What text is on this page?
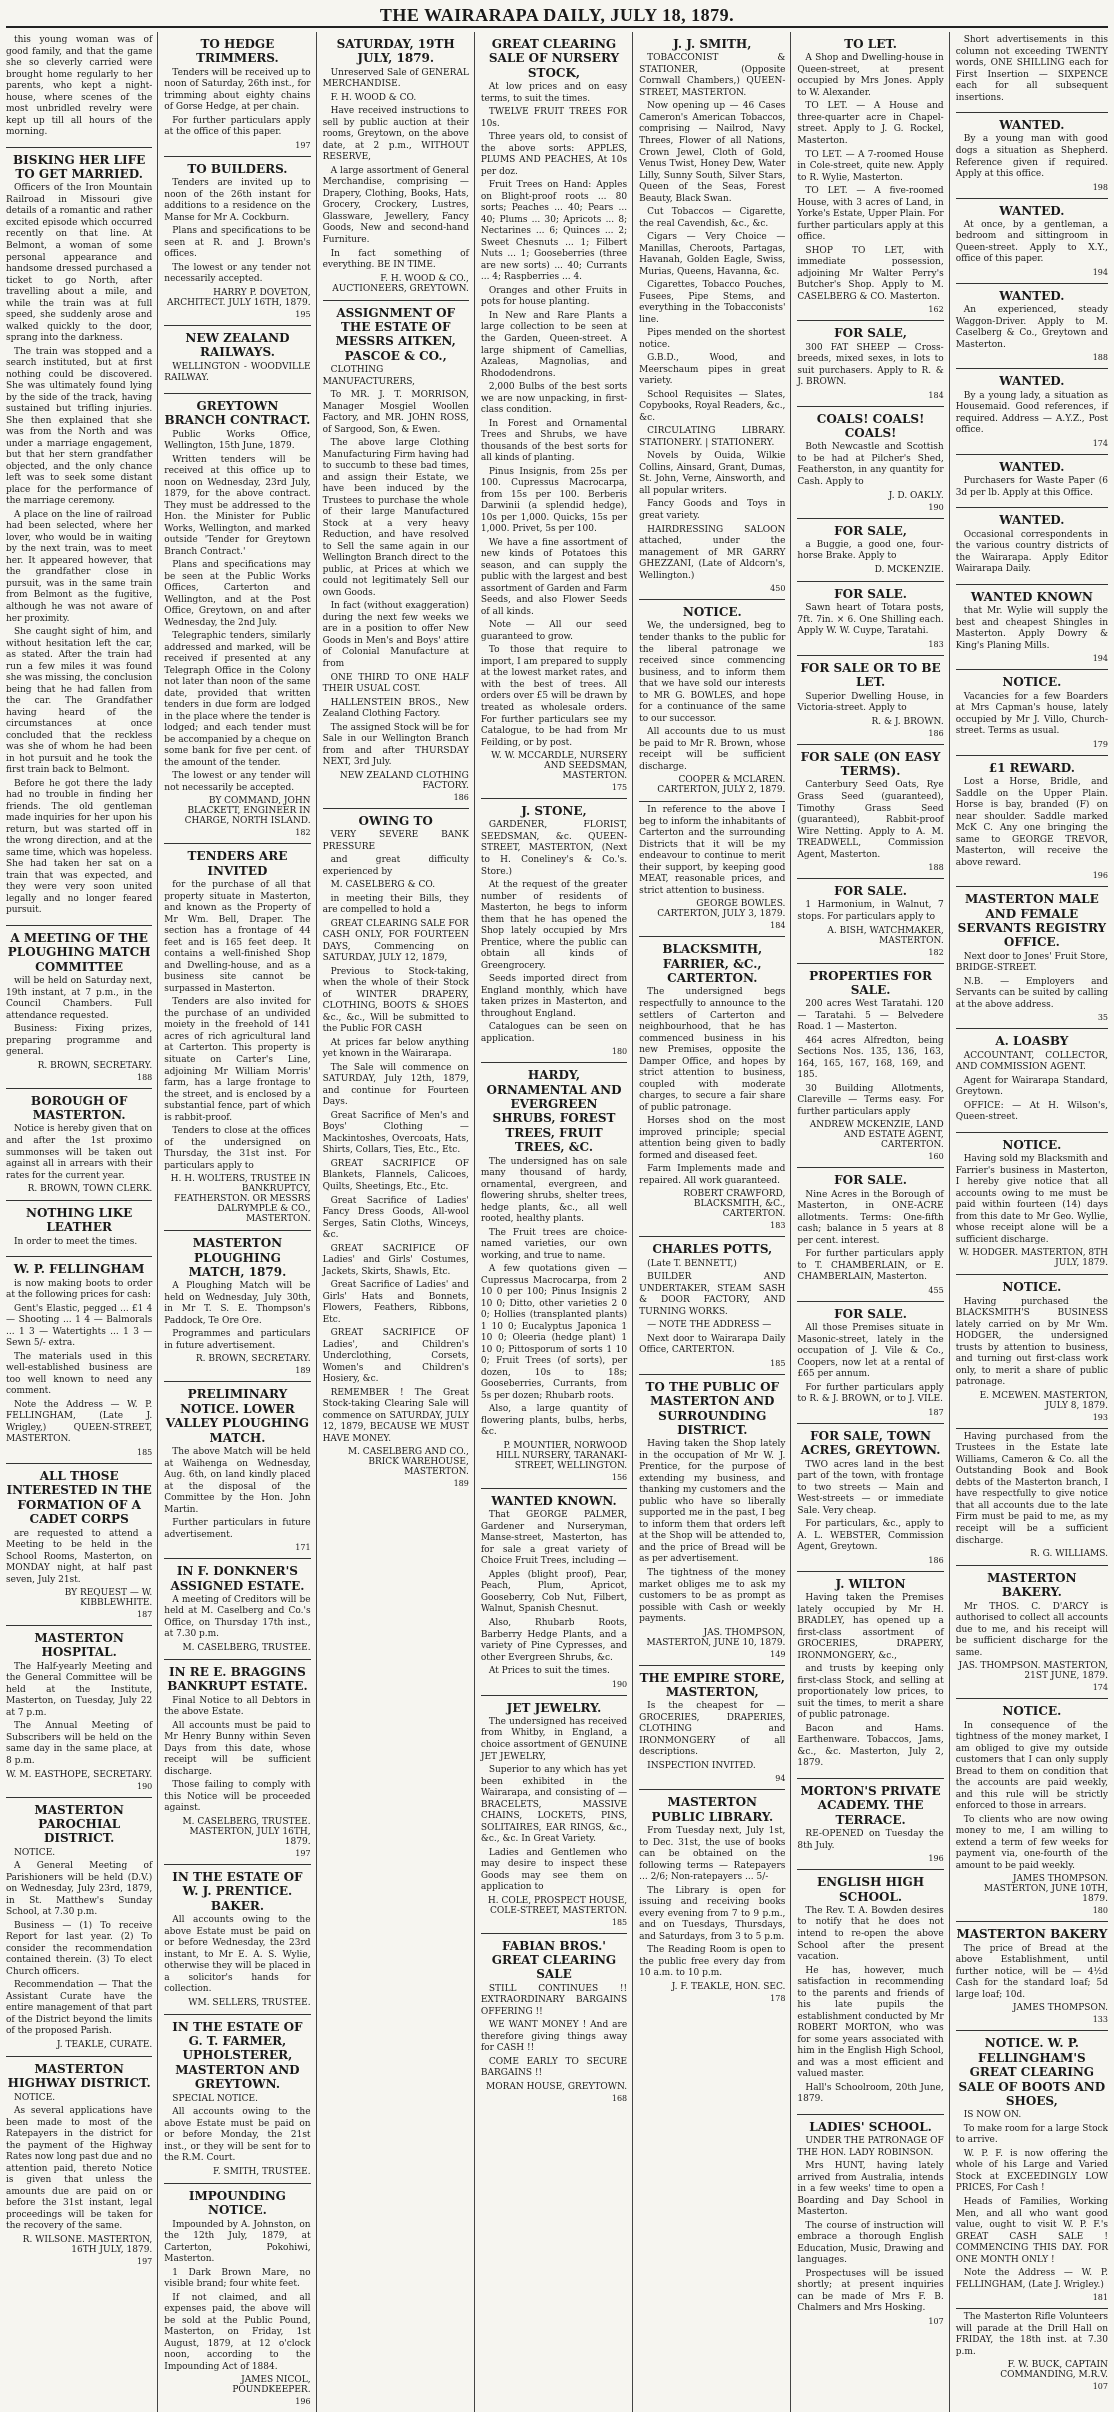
THE WAIRARAPA DAILY, JULY 18, 1879.

this young woman was of good family, and that the game she so cleverly carried were brought home regularly to her parents, who kept a night-house, where scenes of the most unbridled revelry were kept up till all hours of the morning.

BISKING HER LIFE TO GET MARRIED.

Officers of the Iron Mountain Railroad in Missouri give details of a romantic and rather excited episode which occurred recently on that line. At Belmont, a woman of some personal appearance and handsome dressed purchased a ticket to go North, after travelling about a mile, and while the train was at full speed, she suddenly arose and walked quickly to the door, sprang into the darkness.

The train was stopped and a search instituted, but at first nothing could be discovered. She was ultimately found lying by the side of the track, having sustained but trifling injuries. She then explained that she was from the North and was under a marriage engagement, but that her stern grandfather objected, and the only chance left was to seek some distant place for the performance of the marriage ceremony.

A place on the line of railroad had been selected, where her lover, who would be in waiting by the next train, was to meet her. It appeared however, that the grandfather close in pursuit, was in the same train from Belmont as the fugitive, although he was not aware of her proximity.

She caught sight of him, and without hesitation left the car, as stated. After the train had run a few miles it was found she was missing, the conclusion being that he had fallen from the car. The Grandfather having heard of the circumstances at once concluded that the reckless was she of whom he had been in hot pursuit and he took the first train back to Belmont.

Before he got there the lady had no trouble in finding her friends. The old gentleman made inquiries for her upon his return, but was started off in the wrong direction, and at the same time, which was hopeless. She had taken her sat on a train that was expected, and they were very soon united legally and no longer feared pursuit.

A MEETING OF THE PLOUGHING MATCH COMMITTEE

will be held on Saturday next, 19th instant, at 7 p.m., in the Council Chambers. Full attendance requested.

Business: Fixing prizes, preparing programme and general.

R. BROWN, SECRETARY.
188
BOROUGH OF MASTERTON.

Notice is hereby given that on and after the 1st proximo summonses will be taken out against all in arrears with their rates for the current year.

R. BROWN, TOWN CLERK.
NOTHING LIKE LEATHER

In order to meet the times.

W. P. FELLINGHAM

is now making boots to order at the following prices for cash:

Gent's Elastic, pegged ... £1 4 — Shooting ... 1 4 — Balmorals ... 1 3 — Watertights ... 1 3 — Sewn 5/- extra.

The materials used in this well-established business are too well known to need any comment.

Note the Address — W. P. FELLINGHAM, (Late J. Wrigley,) QUEEN-STREET, MASTERTON.

185
ALL THOSE INTERESTED IN THE FORMATION OF A CADET CORPS

are requested to attend a Meeting to be held in the School Rooms, Masterton, on MONDAY night, at half past seven, July 21st.

BY REQUEST — W. KIBBLEWHITE.
187
MASTERTON HOSPITAL.

The Half-yearly Meeting and the General Committee will be held at the Institute, Masterton, on Tuesday, July 22 at 7 p.m.

The Annual Meeting of Subscribers will be held on the same day in the same place, at 8 p.m.

W. M. EASTHOPE, SECRETARY.
190
MASTERTON PAROCHIAL DISTRICT.

NOTICE.

A General Meeting of Parishioners will be held (D.V.) on Wednesday, July 23rd, 1879, in St. Matthew's Sunday School, at 7.30 p.m.

Business — (1) To receive Report for last year. (2) To consider the recommendation contained therein. (3) To elect Church officers.

Recommendation — That the Assistant Curate have the entire management of that part of the District beyond the limits of the proposed Parish.

J. TEAKLE, CURATE.
MASTERTON HIGHWAY DISTRICT.

NOTICE.

As several applications have been made to most of the Ratepayers in the district for the payment of the Highway Rates now long past due and no attention paid, thereto Notice is given that unless the amounts due are paid on or before the 31st instant, legal proceedings will be taken for the recovery of the same.

R. WILSONE. MASTERTON, 16TH JULY, 1879.
197
TO HEDGE TRIMMERS.

Tenders will be received up to noon of Saturday, 26th inst., for trimming about eighty chains of Gorse Hedge, at per chain.

For further particulars apply at the office of this paper.

197
TO BUILDERS.

Tenders are invited up to noon of the 26th instant for additions to a residence on the Manse for Mr A. Cockburn.

Plans and specifications to be seen at R. and J. Brown's offices.

The lowest or any tender not necessarily accepted.

HARRY P. DOVETON, ARCHITECT. JULY 16TH, 1879.
195
NEW ZEALAND RAILWAYS.

WELLINGTON - WOODVILLE RAILWAY.

GREYTOWN BRANCH CONTRACT.

Public Works Office, Wellington, 15th June, 1879.

Written tenders will be received at this office up to noon on Wednesday, 23rd July, 1879, for the above contract. They must be addressed to the Hon. the Minister for Public Works, Wellington, and marked outside 'Tender for Greytown Branch Contract.'

Plans and specifications may be seen at the Public Works Offices, Carterton and Wellington, and at the Post Office, Greytown, on and after Wednesday, the 2nd July.

Telegraphic tenders, similarly addressed and marked, will be received if presented at any Telegraph Office in the Colony not later than noon of the same date, provided that written tenders in due form are lodged in the place where the tender is lodged; and each tender must be accompanied by a cheque on some bank for five per cent. of the amount of the tender.

The lowest or any tender will not necessarily be accepted.

BY COMMAND, JOHN BLACKETT, ENGINEER IN CHARGE, NORTH ISLAND.
182
TENDERS ARE INVITED

for the purchase of all that property situate in Masterton, and known as the Property of Mr Wm. Bell, Draper. The section has a frontage of 44 feet and is 165 feet deep. It contains a well-finished Shop and Dwelling-house, and as a business site cannot be surpassed in Masterton.

Tenders are also invited for the purchase of an undivided moiety in the freehold of 141 acres of rich agricultural land at Carterton. This property is situate on Carter's Line, adjoining Mr William Morris' farm, has a large frontage to the street, and is enclosed by a substantial fence, part of which is rabbit-proof.

Tenders to close at the offices of the undersigned on Thursday, the 31st inst. For particulars apply to

H. H. WOLTERS, TRUSTEE IN BANKRUPTCY, FEATHERSTON. OR MESSRS DALRYMPLE & CO., MASTERTON.
MASTERTON PLOUGHING MATCH, 1879.

A Ploughing Match will be held on Wednesday, July 30th, in Mr T. S. E. Thompson's Paddock, Te Ore Ore.

Programmes and particulars in future advertisement.

R. BROWN, SECRETARY.
189
PRELIMINARY NOTICE. LOWER VALLEY PLOUGHING MATCH.

The above Match will be held at Waihenga on Wednesday, Aug. 6th, on land kindly placed at the disposal of the Committee by the Hon. John Martin.

Further particulars in future advertisement.

171
IN F. DONKNER'S ASSIGNED ESTATE.

A meeting of Creditors will be held at M. Caselberg and Co.'s Office, on Thursday 17th inst., at 7.30 p.m.

M. CASELBERG, TRUSTEE.
IN RE E. BRAGGINS BANKRUPT ESTATE.

Final Notice to all Debtors in the above Estate.

All accounts must be paid to Mr Henry Bunny within Seven Days from this date, whose receipt will be sufficient discharge.

Those failing to comply with this Notice will be proceeded against.

M. CASELBERG, TRUSTEE. MASTERTON, JULY 16TH, 1879.
197
IN THE ESTATE OF W. J. PRENTICE. BAKER.

All accounts owing to the above Estate must be paid on or before Wednesday, the 23rd instant, to Mr E. A. S. Wylie, otherwise they will be placed in a solicitor's hands for collection.

WM. SELLERS, TRUSTEE.
IN THE ESTATE OF G. T. FARMER, UPHOLSTERER, MASTERTON AND GREYTOWN.

SPECIAL NOTICE.

All accounts owing to the above Estate must be paid on or before Monday, the 21st inst., or they will be sent for to the R.M. Court.

F. SMITH, TRUSTEE.
IMPOUNDING NOTICE.

Impounded by A. Johnston, on the 12th July, 1879, at Carterton, Pokohiwi, Masterton.

1 Dark Brown Mare, no visible brand; four white feet.

If not claimed, and all expenses paid, the above will be sold at the Public Pound, Masterton, on Friday, 1st August, 1879, at 12 o'clock noon, according to the Impounding Act of 1884.

JAMES NICOL, POUNDKEEPER.
196
SATURDAY, 19TH JULY, 1879.

Unreserved Sale of GENERAL MERCHANDISE.

F. H. WOOD & CO.

Have received instructions to sell by public auction at their rooms, Greytown, on the above date, at 2 p.m., WITHOUT RESERVE,

A large assortment of General Merchandise, comprising — Drapery, Clothing, Books, Hats, Grocery, Crockery, Lustres, Glassware, Jewellery, Fancy Goods, New and second-hand Furniture.

In fact something of everything. BE IN TIME.

F. H. WOOD & CO., AUCTIONEERS, GREYTOWN.
ASSIGNMENT OF THE ESTATE OF MESSRS AITKEN, PASCOE & CO.,

CLOTHING MANUFACTURERS,

To MR. J. T. MORRISON, Manager Mosgiel Woollen Factory, and MR. JOHN ROSS, of Sargood, Son, & Ewen.

The above large Clothing Manufacturing Firm having had to succumb to these bad times, and assign their Estate, we have been induced by the Trustees to purchase the whole of their large Manufactured Stock at a very heavy Reduction, and have resolved to Sell the same again in our Wellington Branch direct to the public, at Prices at which we could not legitimately Sell our own Goods.

In fact (without exaggeration) during the next few weeks we are in a position to offer New Goods in Men's and Boys' attire of Colonial Manufacture at from

ONE THIRD TO ONE HALF THEIR USUAL COST.

HALLENSTEIN BROS., New Zealand Clothing Factory.

The assigned Stock will be for Sale in our Wellington Branch from and after THURSDAY NEXT, 3rd July.

NEW ZEALAND CLOTHING FACTORY.
186
OWING TO

VERY SEVERE BANK PRESSURE

and great difficulty experienced by

M. CASELBERG & CO.

in meeting their Bills, they are compelled to hold a

GREAT CLEARING SALE FOR CASH ONLY, FOR FOURTEEN DAYS, Commencing on SATURDAY, JULY 12, 1879,

Previous to Stock-taking, when the whole of their Stock of WINTER DRAPERY, CLOTHING, BOOTS & SHOES &c., &c., Will be submitted to the Public FOR CASH

At prices far below anything yet known in the Wairarapa.

The Sale will commence on SATURDAY, July 12th, 1879, and continue for Fourteen Days.

Great Sacrifice of Men's and Boys' Clothing — Mackintoshes, Overcoats, Hats, Shirts, Collars, Ties, Etc., Etc.

GREAT SACRIFICE OF Blankets, Flannels, Calicoes, Quilts, Sheetings, Etc., Etc.

Great Sacrifice of Ladies' Fancy Dress Goods, All-wool Serges, Satin Cloths, Winceys, &c.

GREAT SACRIFICE OF Ladies' and Girls' Costumes, Jackets, Skirts, Shawls, Etc.

Great Sacrifice of Ladies' and Girls' Hats and Bonnets, Flowers, Feathers, Ribbons, Etc.

GREAT SACRIFICE OF Ladies', and Children's Underclothing, Corsets, Women's and Children's Hosiery, &c.

REMEMBER ! The Great Stock-taking Clearing Sale will commence on SATURDAY, JULY 12, 1879, BECAUSE WE MUST HAVE MONEY.

M. CASELBERG AND CO., BRICK WAREHOUSE, MASTERTON.
189
GREAT CLEARING SALE OF NURSERY STOCK,

At low prices and on easy terms, to suit the times.

TWELVE FRUIT TREES FOR 10s.

Three years old, to consist of the above sorts: APPLES, PLUMS AND PEACHES, At 10s per doz.

Fruit Trees on Hand: Apples on Blight-proof roots ... 80 sorts; Peaches ... 40; Pears ... 40; Plums ... 30; Apricots ... 8; Nectarines ... 6; Quinces ... 2; Sweet Chesnuts ... 1; Filbert Nuts ... 1; Gooseberries (three are new sorts) ... 40; Currants ... 4; Raspberries ... 4.

Oranges and other Fruits in pots for house planting.

In New and Rare Plants a large collection to be seen at the Garden, Queen-street. A large shipment of Camellias, Azaleas, Magnolias, and Rhododendrons.

2,000 Bulbs of the best sorts we are now unpacking, in first-class condition.

In Forest and Ornamental Trees and Shrubs, we have thousands of the best sorts for all kinds of planting.

Pinus Insignis, from 25s per 100. Cupressus Macrocarpa, from 15s per 100. Berberis Darwinii (a splendid hedge), 10s per 1,000. Quicks, 15s per 1,000. Privet, 5s per 100.

We have a fine assortment of new kinds of Potatoes this season, and can supply the public with the largest and best assortment of Garden and Farm Seeds, and also Flower Seeds of all kinds.

Note — All our seed guaranteed to grow.

To those that require to import, I am prepared to supply at the lowest market rates, and with the best of trees. All orders over £5 will be drawn by treated as wholesale orders. For further particulars see my Catalogue, to be had from Mr Feilding, or by post.

W. W. MCCARDLE, NURSERY AND SEEDSMAN, MASTERTON.
175
J. STONE,

GARDENER, FLORIST, SEEDSMAN, &c. QUEEN-STREET, MASTERTON, (Next to H. Coneliney's & Co.'s. Store.)

At the request of the greater number of residents of Masterton, he begs to inform them that he has opened the Shop lately occupied by Mrs Prentice, where the public can obtain all kinds of Greengrocery.

Seeds imported direct from England monthly, which have taken prizes in Masterton, and throughout England.

Catalogues can be seen on application.

180
HARDY, ORNAMENTAL AND EVERGREEN SHRUBS, FOREST TREES, FRUIT TREES, &C.

The undersigned has on sale many thousand of hardy, ornamental, evergreen, and flowering shrubs, shelter trees, hedge plants, &c., all well rooted, healthy plants.

The Fruit trees are choice-named varieties, our own working, and true to name.

A few quotations given — Cupressus Macrocarpa, from 2 10 0 per 100; Pinus Insignis 2 10 0; Ditto, other varieties 2 0 0; Hollies (transplanted plants) 1 10 0; Eucalyptus Japonica 1 10 0; Oleeria (hedge plant) 1 10 0; Pittosporum of sorts 1 10 0; Fruit Trees (of sorts), per dozen, 10s to 18s; Gooseberries, Currants, from 5s per dozen; Rhubarb roots.

Also, a large quantity of flowering plants, bulbs, herbs, &c.

P. MOUNTIER, NORWOOD HILL NURSERY, TARANAKI-STREET, WELLINGTON.
156
WANTED KNOWN.

That GEORGE PALMER, Gardener and Nurseryman, Manse-street, Masterton, has for sale a great variety of Choice Fruit Trees, including —

Apples (blight proof), Pear, Peach, Plum, Apricot, Gooseberry, Cob Nut, Filbert, Walnut, Spanish Chesnut.

Also, Rhubarb Roots, Barberry Hedge Plants, and a variety of Pine Cypresses, and other Evergreen Shrubs, &c.

At Prices to suit the times.

190
JET JEWELRY.

The undersigned has received from Whitby, in England, a choice assortment of GENUINE JET JEWELRY,

Superior to any which has yet been exhibited in the Wairarapa, and consisting of — BRACELETS, MASSIVE CHAINS, LOCKETS, PINS, SOLITAIRES, EAR RINGS, &c., &c., &c. In Great Variety.

Ladies and Gentlemen who may desire to inspect these Goods may see them on application to

H. COLE, PROSPECT HOUSE, COLE-STREET, MASTERTON.
185
FABIAN BROS.' GREAT CLEARING SALE

STILL CONTINUES !! EXTRAORDINARY BARGAINS OFFERING !!

WE WANT MONEY ! And are therefore giving things away for CASH !!

COME EARLY TO SECURE BARGAINS !!

MORAN HOUSE, GREYTOWN.
168
J. J. SMITH,

TOBACCONIST & STATIONER, (Opposite Cornwall Chambers,) QUEEN-STREET, MASTERTON.

Now opening up — 46 Cases Cameron's American Tobaccos, comprising — Nailrod, Navy Threes, Flower of all Nations, Crown Jewel, Cloth of Gold, Venus Twist, Honey Dew, Water Lilly, Sunny South, Silver Stars, Queen of the Seas, Forest Beauty, Black Swan.

Cut Tobaccos — Cigarette, the real Cavendish, &c., &c.

Cigars — Very Choice — Manillas, Cheroots, Partagas, Havanah, Golden Eagle, Swiss, Murias, Queens, Havanna, &c.

Cigarettes, Tobacco Pouches, Fusees, Pipe Stems, and everything in the Tobacconists' line.

Pipes mended on the shortest notice.

G.B.D., Wood, and Meerschaum pipes in great variety.

School Requisites — Slates, Copybooks, Royal Readers, &c., &c.

CIRCULATING LIBRARY. STATIONERY. | STATIONERY.

Novels by Ouida, Wilkie Collins, Ainsard, Grant, Dumas, St. John, Verne, Ainsworth, and all popular writers.

Fancy Goods and Toys in great variety.

HAIRDRESSING SALOON attached, under the management of MR GARRY GHEZZANI, (Late of Aldcorn's, Wellington.)

450
NOTICE.

We, the undersigned, beg to tender thanks to the public for the liberal patronage we received since commencing business, and to inform them that we have sold our interests to MR G. BOWLES, and hope for a continuance of the same to our successor.

All accounts due to us must be paid to Mr R. Brown, whose receipt will be sufficient discharge.

COOPER & MCLAREN. CARTERTON, JULY 2, 1879.

In reference to the above I beg to inform the inhabitants of Carterton and the surrounding Districts that it will be my endeavour to continue to merit their support, by keeping good MEAT, reasonable prices, and strict attention to business.

GEORGE BOWLES. CARTERTON, JULY 3, 1879.
184
BLACKSMITH, FARRIER, &C., CARTERTON.

The undersigned begs respectfully to announce to the settlers of Carterton and neighbourhood, that he has commenced business in his new Premises, opposite the Damper Office, and hopes by strict attention to business, coupled with moderate charges, to secure a fair share of public patronage.

Horses shod on the most improved principle; special attention being given to badly formed and diseased feet.

Farm Implements made and repaired. All work guaranteed.

ROBERT CRAWFORD, BLACKSMITH, &C., CARTERTON.
183
CHARLES POTTS,

(Late T. BENNETT,)

BUILDER AND UNDERTAKER, STEAM SASH & DOOR FACTORY, AND TURNING WORKS.

— NOTE THE ADDRESS —

Next door to Wairarapa Daily Office, CARTERTON.

185
TO THE PUBLIC OF MASTERTON AND SURROUNDING DISTRICT.

Having taken the Shop lately in the occupation of Mr W. J. Prentice, for the purpose of extending my business, and thanking my customers and the public who have so liberally supported me in the past, I beg to inform them that orders left at the Shop will be attended to, and the price of Bread will be as per advertisement.

The tightness of the money market obliges me to ask my customers to be as prompt as possible with Cash or weekly payments.

JAS. THOMPSON, MASTERTON, JUNE 10, 1879.
149
THE EMPIRE STORE, MASTERTON,

Is the cheapest for — GROCERIES, DRAPERIES, CLOTHING and IRONMONGERY of all descriptions.

INSPECTION INVITED.

94
MASTERTON PUBLIC LIBRARY.

From Tuesday next, July 1st, to Dec. 31st, the use of books can be obtained on the following terms — Ratepayers ... 2/6; Non-ratepayers ... 5/-

The Library is open for issuing and receiving books every evening from 7 to 9 p.m., and on Tuesdays, Thursdays, and Saturdays, from 3 to 5 p.m.

The Reading Room is open to the public free every day from 10 a.m. to 10 p.m.

J. F. TEAKLE, HON. SEC.
178
TO LET.

A Shop and Dwelling-house in Queen-street, at present occupied by Mrs Jones. Apply to W. Alexander.

TO LET. — A House and three-quarter acre in Chapel-street. Apply to J. G. Rockel, Masterton.

TO LET. — A 7-roomed House in Cole-street, quite new. Apply to R. Wylie, Masterton.

TO LET. — A five-roomed House, with 3 acres of Land, in Yorke's Estate, Upper Plain. For further particulars apply at this office.

SHOP TO LET, with immediate possession, adjoining Mr Walter Perry's Butcher's Shop. Apply to M. CASELBERG & CO. Masterton.

162
FOR SALE,

300 FAT SHEEP — Cross-breeds, mixed sexes, in lots to suit purchasers. Apply to R. & J. BROWN.

184
COALS! COALS! COALS!

Both Newcastle and Scottish to be had at Pilcher's Shed, Featherston, in any quantity for Cash. Apply to

J. D. OAKLY.
190
FOR SALE,

a Buggie, a good one, four-horse Brake. Apply to

D. MCKENZIE.
FOR SALE.

Sawn heart of Totara posts, 7ft. 7in. × 6. One Shilling each. Apply W. W. Cuype, Taratahi.

183
FOR SALE OR TO BE LET.

Superior Dwelling House, in Victoria-street. Apply to

R. & J. BROWN.
186
FOR SALE (ON EASY TERMS).

Canterbury Seed Oats, Rye Grass Seed (guaranteed), Timothy Grass Seed (guaranteed), Rabbit-proof Wire Netting. Apply to A. M. TREADWELL, Commission Agent, Masterton.

188
FOR SALE.

1 Harmonium, in Walnut, 7 stops. For particulars apply to

A. BISH, WATCHMAKER, MASTERTON.
182
PROPERTIES FOR SALE.

200 acres West Taratahi. 120 — Taratahi. 5 — Belvedere Road. 1 — Masterton.

464 acres Alfredton, being Sections Nos. 135, 136, 163, 164, 165, 167, 168, 169, and 185.

30 Building Allotments, Clareville — Terms easy. For further particulars apply

ANDREW MCKENZIE, LAND AND ESTATE AGENT, CARTERTON.
160
FOR SALE.

Nine Acres in the Borough of Masterton, in ONE-ACRE allotments. Terms: One-fifth cash; balance in 5 years at 8 per cent. interest.

For further particulars apply to T. CHAMBERLAIN, or E. CHAMBERLAIN, Masterton.

455
FOR SALE.

All those Premises situate in Masonic-street, lately in the occupation of J. Vile & Co., Coopers, now let at a rental of £65 per annum.

For further particulars apply to R. & J. BROWN, or to J. VILE.

187
FOR SALE, TOWN ACRES, GREYTOWN.

TWO acres land in the best part of the town, with frontage to two streets — Main and West-streets — or immediate Sale. Very cheap.

For particulars, &c., apply to A. L. WEBSTER, Commission Agent, Greytown.

186
J. WILTON

Having taken the Premises lately occupied by Mr H. BRADLEY, has opened up a first-class assortment of GROCERIES, DRAPERY, IRONMONGERY, &c.,

and trusts by keeping only first-class Stock, and selling at proportionately low prices, to suit the times, to merit a share of public patronage.

Bacon and Hams. Earthenware. Tobaccos, Jams, &c., &c. Masterton, July 2, 1879.

MORTON'S PRIVATE ACADEMY. THE TERRACE.

RE-OPENED on Tuesday the 8th July.

196
ENGLISH HIGH SCHOOL.

The Rev. T. A. Bowden desires to notify that he does not intend to re-open the above School after the present vacation.

He has, however, much satisfaction in recommending to the parents and friends of his late pupils the establishment conducted by Mr ROBERT MORTON, who was for some years associated with him in the English High School, and was a most efficient and valued master.

Hall's Schoolroom, 20th June, 1879.

LADIES' SCHOOL.

UNDER THE PATRONAGE OF THE HON. LADY ROBINSON.

Mrs HUNT, having lately arrived from Australia, intends in a few weeks' time to open a Boarding and Day School in Masterton.

The course of instruction will embrace a thorough English Education, Music, Drawing and languages.

Prospectuses will be issued shortly; at present inquiries can be made of Mrs F. B. Chalmers and Mrs Hosking.

107

Short advertisements in this column not exceeding TWENTY words, ONE SHILLING each for First Insertion — SIXPENCE each for all subsequent insertions.

WANTED.

By a young man with good dogs a situation as Shepherd. Reference given if required. Apply at this office.

198
WANTED.

At once, by a gentleman, a bedroom and sittingroom in Queen-street. Apply to X.Y., office of this paper.

194
WANTED.

An experienced, steady Waggon-Driver. Apply to M. Caselberg & Co., Greytown and Masterton.

188
WANTED.

By a young lady, a situation as Housemaid. Good references, if required. Address — A.Y.Z., Post office.

174
WANTED.

Purchasers for Waste Paper (6 3d per lb. Apply at this Office.

WANTED.

Occasional correspondents in the various country districts of the Wairarapa. Apply Editor Wairarapa Daily.

WANTED KNOWN

that Mr. Wylie will supply the best and cheapest Shingles in Masterton. Apply Dowry & King's Planing Mills.

194
NOTICE.

Vacancies for a few Boarders at Mrs Capman's house, lately occupied by Mr J. Villo, Church-street. Terms as usual.

179
£1 REWARD.

Lost a Horse, Bridle, and Saddle on the Upper Plain. Horse is bay, branded (F) on near shoulder. Saddle marked McK C. Any one bringing the same to GEORGE TREVOR, Masterton, will receive the above reward.

196
MASTERTON MALE AND FEMALE SERVANTS REGISTRY OFFICE.

Next door to Jones' Fruit Store, BRIDGE-STREET.

N.B. — Employers and Servants can be suited by calling at the above address.

35
A. LOASBY

ACCOUNTANT, COLLECTOR, AND COMMISSION AGENT.

Agent for Wairarapa Standard, Greytown.

OFFICE: — At H. Wilson's, Queen-street.

NOTICE.

Having sold my Blacksmith and Farrier's business in Masterton, I hereby give notice that all accounts owing to me must be paid within fourteen (14) days from this date to Mr Geo. Wyllie, whose receipt alone will be a sufficient discharge.

W. HODGER. MASTERTON, 8TH JULY, 1879.
NOTICE.

Having purchased the BLACKSMITH'S BUSINESS lately carried on by Mr Wm. HODGER, the undersigned trusts by attention to business, and turning out first-class work only, to merit a share of public patronage.

E. MCEWEN. MASTERTON, JULY 8, 1879.
193

Having purchased from the Trustees in the Estate late Williams, Cameron & Co. all the Outstanding Book and Book debts of the Masterton branch, I have respectfully to give notice that all accounts due to the late Firm must be paid to me, as my receipt will be a sufficient discharge.

R. G. WILLIAMS.
MASTERTON BAKERY.

Mr THOS. C. D'ARCY is authorised to collect all accounts due to me, and his receipt will be sufficient discharge for the same.

JAS. THOMPSON. MASTERTON, 21ST JUNE, 1879.
174
NOTICE.

In consequence of the tightness of the money market, I am obliged to give my outside customers that I can only supply Bread to them on condition that the accounts are paid weekly, and this rule will be strictly enforced to those in arrears.

To clients who are now owing money to me, I am willing to extend a term of few weeks for payment via, one-fourth of the amount to be paid weekly.

JAMES THOMPSON. MASTERTON, JUNE 10TH, 1879.
180
MASTERTON BAKERY

The price of Bread at the above Establishment, until further notice, will be — 4½d Cash for the standard loaf; 5d large loaf; 10d.

JAMES THOMPSON.
133
NOTICE. W. P. FELLINGHAM'S GREAT CLEARING SALE OF BOOTS AND SHOES,

IS NOW ON.

To make room for a large Stock to arrive.

W. P. F. is now offering the whole of his Large and Varied Stock at EXCEEDINGLY LOW PRICES, For Cash !

Heads of Families, Working Men, and all who want good value, ought to visit W. P. F.'s GREAT CASH SALE ! COMMENCING THIS DAY. FOR ONE MONTH ONLY !

Note the Address — W. P. FELLINGHAM, (Late J. Wrigley.)

181

The Masterton Rifle Volunteers will parade at the Drill Hall on FRIDAY, the 18th inst. at 7.30 p.m.

F. W. BUCK, CAPTAIN COMMANDING, M.R.V.
107
